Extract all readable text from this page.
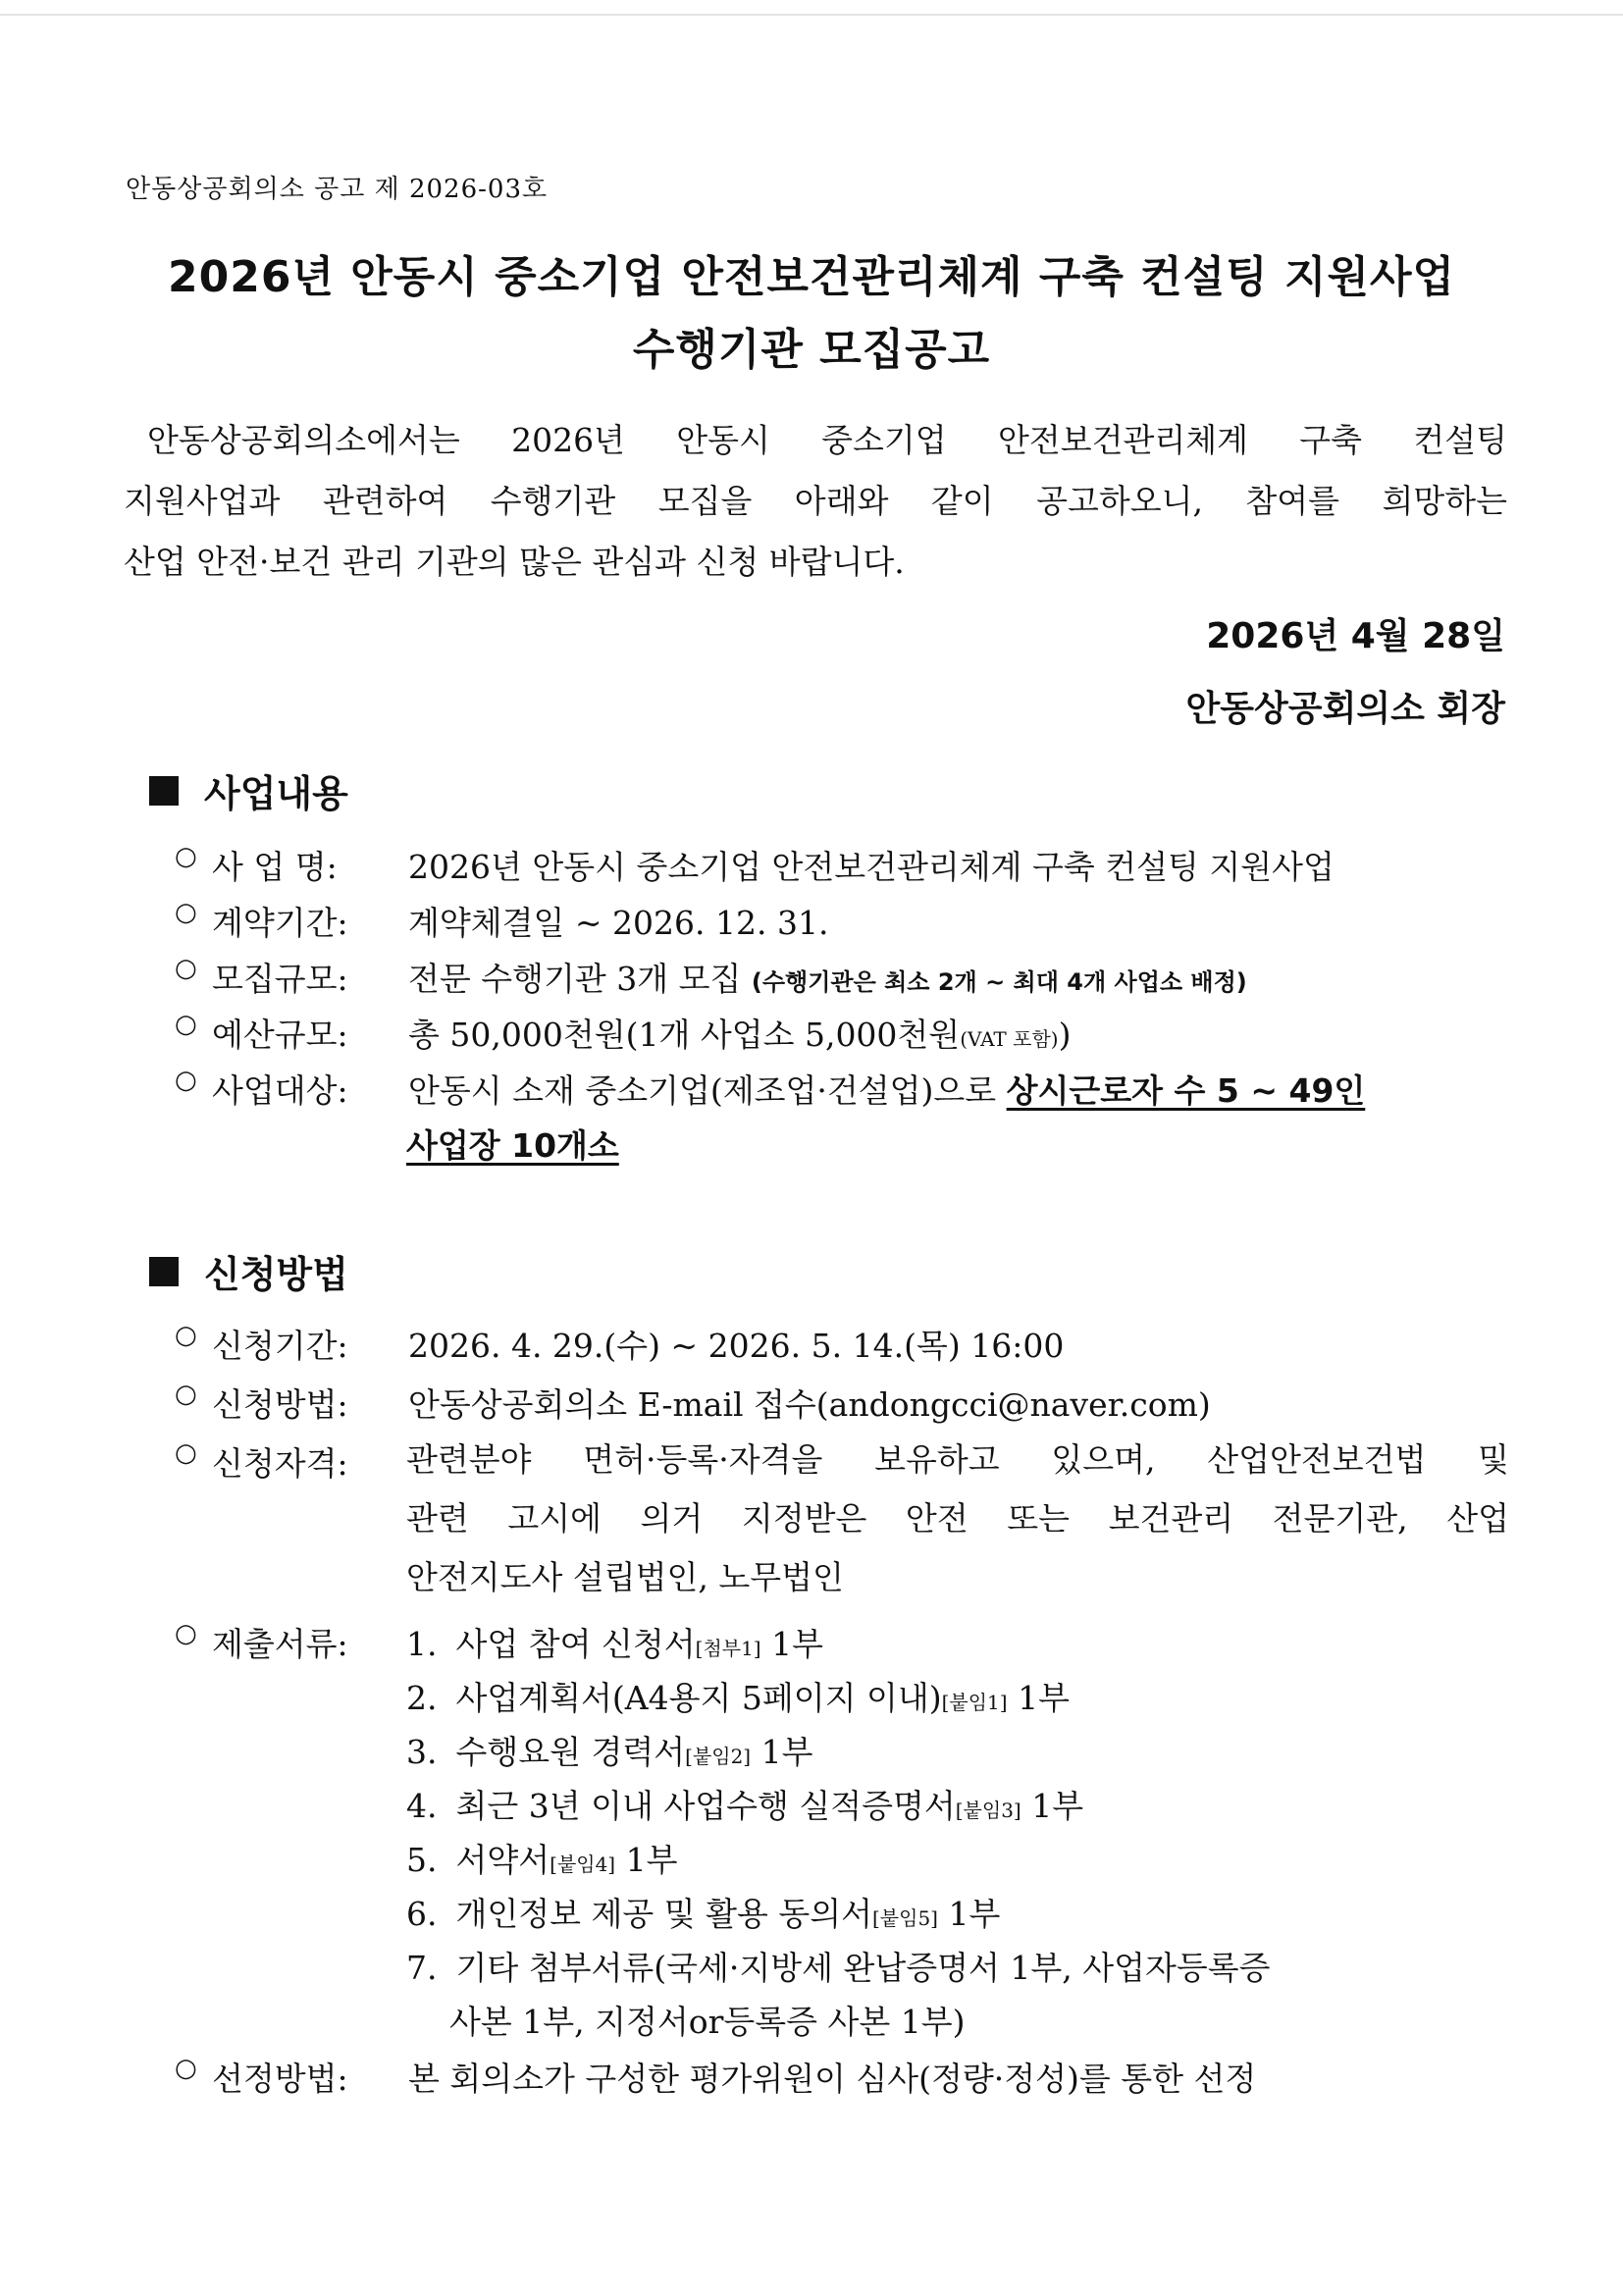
안동상공회의소 공고 제 2026-03호
2026년 안동시 중소기업 안전보건관리체계 구축 컨설팅 지원사업
수행기관 모집공고
안동상공회의소에서는 2026년 안동시 중소기업 안전보건관리체계 구축 컨설팅
지원사업과 관련하여 수행기관 모집을 아래와 같이 공고하오니, 참여를 희망하는
산업 안전·보건 관리 기관의 많은 관심과 신청 바랍니다.
2026년 4월 28일
안동상공회의소 회장
사업내용
○ 사 업 명:	2026년 안동시 중소기업 안전보건관리체계 구축 컨설팅 지원사업
○ 계약기간:	계약체결일 ~ 2026. 12. 31.
○ 모집규모:	전문 수행기관 3개 모집 (수행기관은 최소 2개 ~ 최대 4개 사업소 배정)
○ 예산규모:	총 50,000천원(1개 사업소 5,000천원(VAT 포함))
○ 사업대상:	안동시 소재 중소기업(제조업·건설업)으로 상시근로자 수 5 ~ 49인
사업장 10개소
신청방법
○ 신청기간:	2026. 4. 29.(수) ~ 2026. 5. 14.(목) 16:00
○ 신청방법:	안동상공회의소 E-mail 접수(andongcci@naver.com)
○ 신청자격:	관련분야 면허·등록·자격을 보유하고 있으며, 산업안전보건법 및
관련 고시에 의거 지정받은 안전 또는 보건관리 전문기관, 산업
안전지도사 설립법인, 노무법인
○ 제출서류:	1. 사업 참여 신청서[첨부1] 1부
2. 사업계획서(A4용지 5페이지 이내)[붙임1] 1부
3. 수행요원 경력서[붙임2] 1부
4. 최근 3년 이내 사업수행 실적증명서[붙임3] 1부
5. 서약서[붙임4] 1부
6. 개인정보 제공 및 활용 동의서[붙임5] 1부
7. 기타 첨부서류(국세·지방세 완납증명서 1부, 사업자등록증
사본 1부, 지정서or등록증 사본 1부)
○ 선정방법:	본 회의소가 구성한 평가위원이 심사(정량·정성)를 통한 선정
